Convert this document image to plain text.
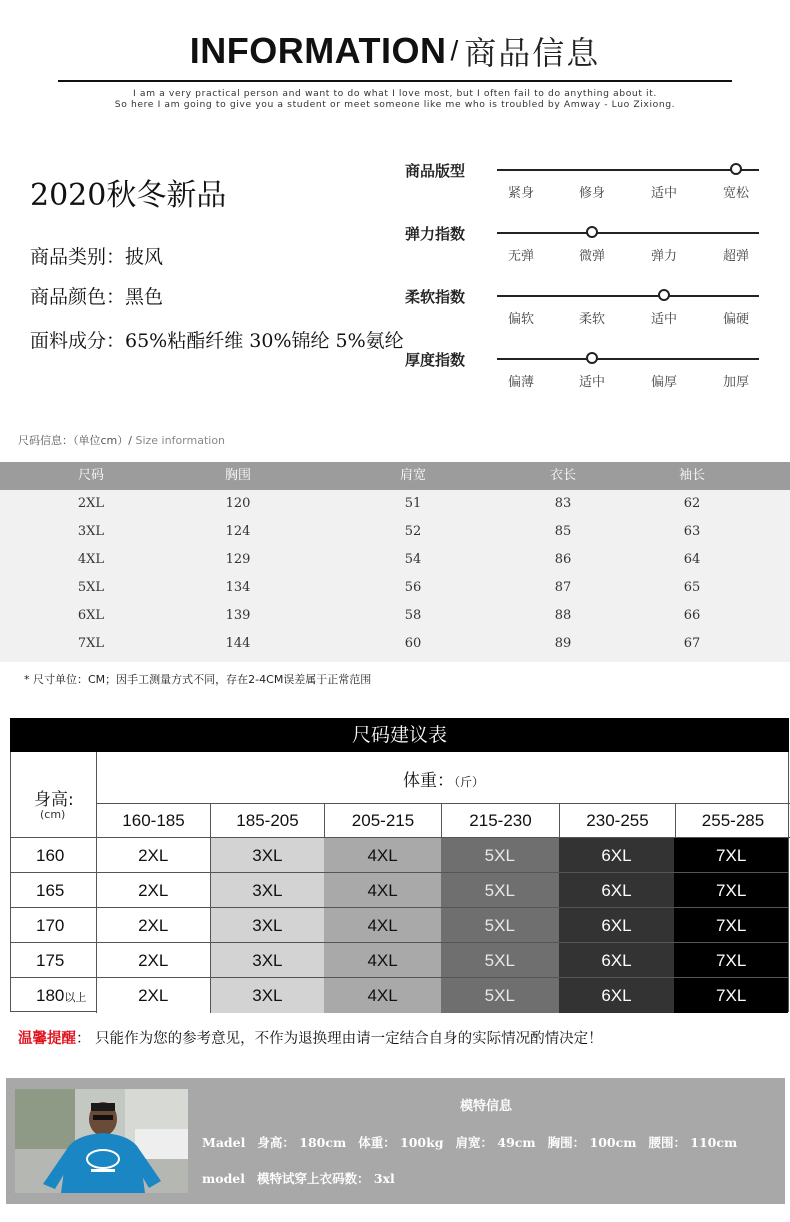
INFORMATION / 商品信息
I am a very practical person and want to do what I love most, but I often fail to do anything about it.
So here I am going to give you a student or meet someone like me who is troubled by Amway - Luo Zixiong.
2020秋冬新品
商品类别：披风
商品颜色：黑色
面料成分：65%粘酯纤维 30%锦纶 5%氨纶
商品版型
紧身	修身	适中	宽松
弹力指数
无弹	微弹	弹力	超弹
柔软指数
偏软	柔软	适中	偏硬
厚度指数
偏薄	适中	偏厚	加厚
尺码信息：（单位cm）/ Size information
尺码	胸围	肩宽	衣长	袖长
2XL	120	51	83	62
3XL	124	52	85	63
4XL	129	54	86	64
5XL	134	56	87	65
6XL	139	58	88	66
7XL	144	60	89	67
* 尺寸单位：CM；因手工测量方式不同，存在2-4CM误差属于正常范围
尺码建议表
身高:
(cm)
体重：（斤）
160-185	185-205	205-215	215-230	230-255	255-285
160	2XL	3XL	4XL	5XL	6XL	7XL
165	2XL	3XL	4XL	5XL	6XL	7XL
170	2XL	3XL	4XL	5XL	6XL	7XL
175	2XL	3XL	4XL	5XL	6XL	7XL
180以上	2XL	3XL	4XL	5XL	6XL	7XL
温馨提醒： 只能作为您的参考意见，不作为退换理由请一定结合自身的实际情况酌情决定！
模特信息
Madel 身高： 180cm 体重： 100kg 肩宽： 49cm 胸围： 100cm 腰围： 110cm
model 模特试穿上衣码数： 3xl
